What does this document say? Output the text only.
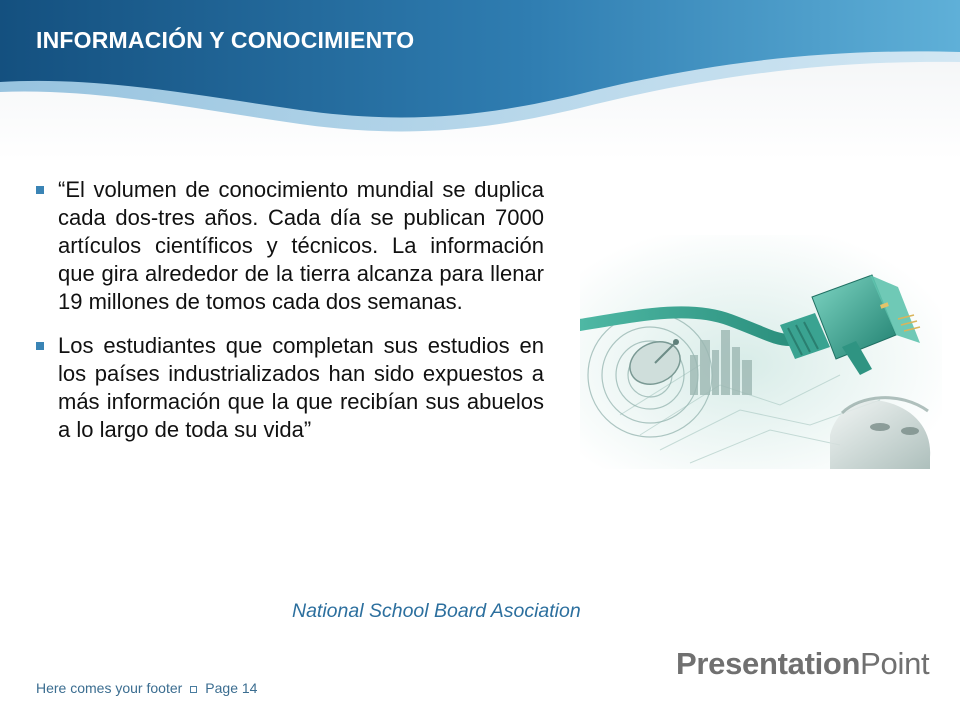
INFORMACIÓN Y CONOCIMIENTO
“El volumen de conocimiento mundial se duplica cada dos-tres años. Cada día se publican 7000 artículos científicos y técnicos. La información que gira alrededor de la tierra alcanza para llenar 19 millones de tomos cada dos semanas.
Los estudiantes que completan sus estudios en los países industrializados han sido expuestos a más información que la que recibían sus abuelos a lo largo de toda su vida”
National School Board Asociation
Here comes your footer Page 14
PresentationPoint
